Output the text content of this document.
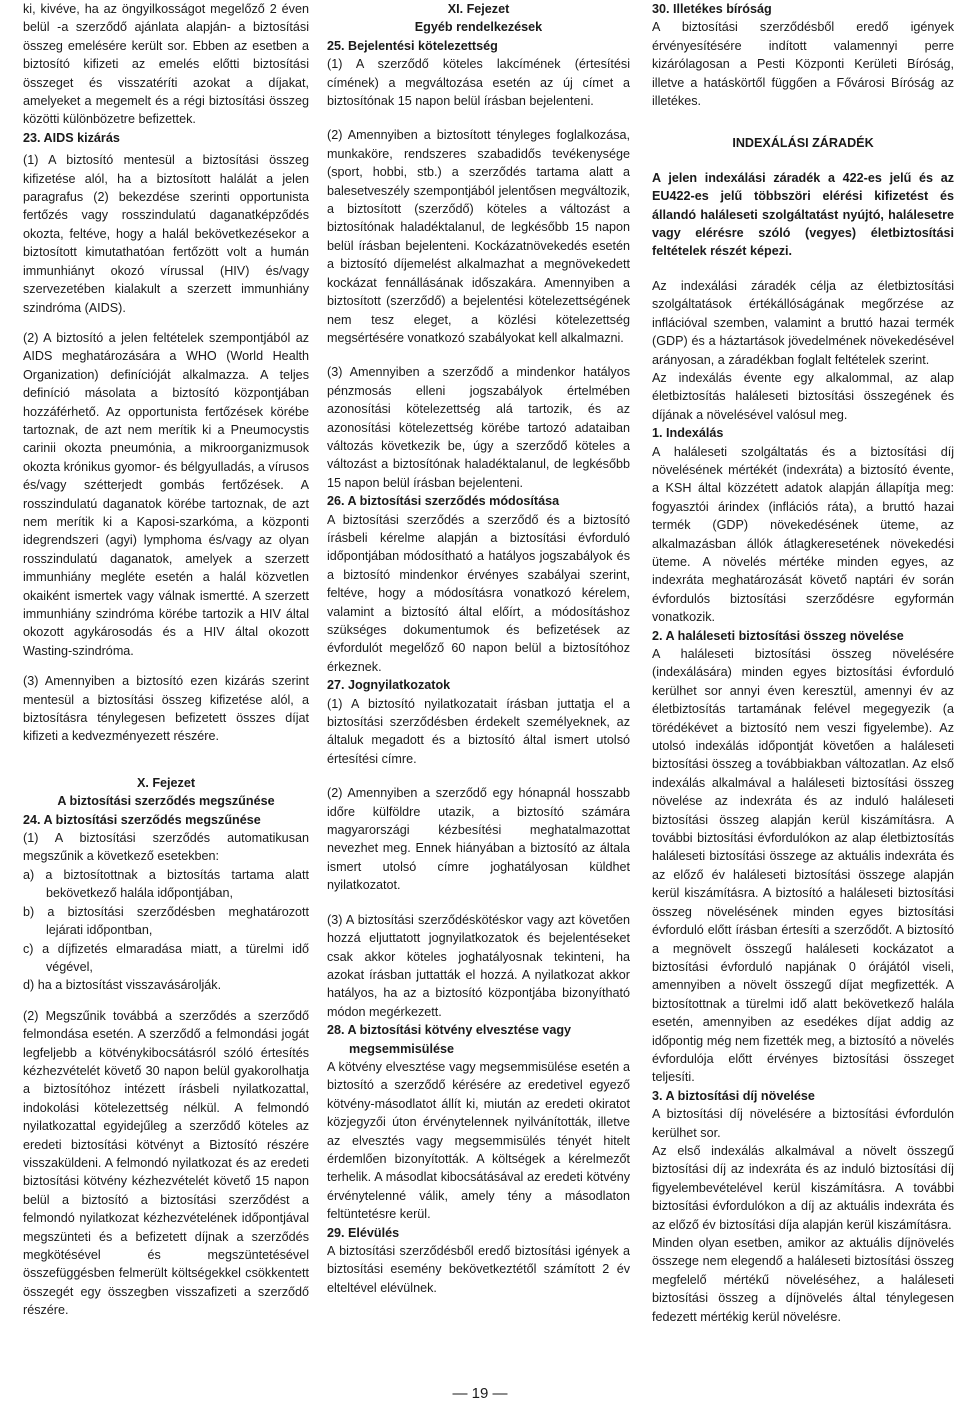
ki, kivéve, ha az öngyilkosságot megelőző 2 éven belül -a szerződő ajánlata alapján- a biztosítási összeg emelésére került sor. Ebben az esetben a biztosító kifizeti az emelés előtti biztosítási összeget és visszatéríti azokat a díjakat, amelyeket a megemelt és a régi biztosítási összeg közötti különbözetre befizettek.

23. AIDS kizárás

(1) A biztosító mentesül a biztosítási összeg kifizetése alól, ha a biztosított halálát a jelen paragrafus (2) bekezdése szerinti opportunista fertőzés vagy rosszindulatú daganatképződés okozta, feltéve, hogy a halál bekövetkezésekor a biztosított kimutathatóan fertőzött volt a humán immunhiányt okozó vírussal (HIV) és/vagy szervezetében kialakult a szerzett immunhiány szindróma (AIDS).

(2) A biztosító a jelen feltételek szempontjából az AIDS meghatározására a WHO (World Health Organization) definícióját alkalmazza. A teljes definíció másolata a biztosító központjában hozzáférhető. Az opportunista fertőzések körébe tartoznak, de azt nem merítik ki a Pneumocystis carinii okozta pneumónia, a mikroorganizmusok okozta krónikus gyomor- és bélgyulladás, a vírusos és/vagy szétterjedt gombás fertőzések. A rosszindulatú daganatok körébe tartoznak, de azt nem merítik ki a Kaposi-szarkóma, a központi idegrendszeri (agyi) lymphoma és/vagy az olyan rosszindulatú daganatok, amelyek a szerzett immunhiány megléte esetén a halál közvetlen okaiként ismertek vagy válnak ismertté. A szerzett immunhiány szindróma körébe tartozik a HIV által okozott agykárosodás és a HIV által okozott Wasting-szindróma.

(3) Amennyiben a biztosító ezen kizárás szerint mentesül a biztosítási összeg kifizetése alól, a biztosításra ténylegesen befizetett összes díjat kifizeti a kedvezményezett részére.

X. Fejezet

A biztosítási szerződés megszűnése

24. A biztosítási szerződés megszűnése

(1) A biztosítási szerződés automatikusan megszűnik a következő esetekben:

a) a biztosítottnak a biztosítás tartama alatt bekövetkező halála időpontjában,

b) a biztosítási szerződésben meghatározott lejárati időpontban,

c) a díjfizetés elmaradása miatt, a türelmi idő végével,

d) ha a biztosítást visszavásárolják.

(2) Megszűnik továbbá a szerződés a szerződő felmondása esetén. A szerződő a felmondási jogát legfeljebb a kötvénykibocsátásról szóló értesítés kézhezvételét követő 30 napon belül gyakorolhatja a biztosítóhoz intézett írásbeli nyilatkozattal, indokolási kötelezettség nélkül. A felmondó nyilatkozattal egyidejűleg a szerződő köteles az eredeti biztosítási kötvényt a Biztosító részére visszaküldeni. A felmondó nyilatkozat és az eredeti biztosítási kötvény kézhezvételét követő 15 napon belül a biztosító a biztosítási szerződést a felmondó nyilatkozat kézhezvételének időpontjával megszünteti és a befizetett díjnak a szerződés megkötésével és megszüntetésével összefüggésben felmerült költségekkel csökkentett összegét egy összegben visszafizeti a szerződő részére.

XI. Fejezet

Egyéb rendelkezések

25. Bejelentési kötelezettség

(1) A szerződő köteles lakcímének (értesítési címének) a megváltozása esetén az új címet a biztosítónak 15 napon belül írásban bejelenteni.

(2) Amennyiben a biztosított tényleges foglalkozása, munkaköre, rendszeres szabadidős tevékenysége (sport, hobbi, stb.) a szerződés tartama alatt a balesetveszély szempontjából jelentősen megváltozik, a biztosított (szerződő) köteles a változást a biztosítónak haladéktalanul, de legkésőbb 15 napon belül írásban bejelenteni. Kockázatnövekedés esetén a biztosító díjemelést alkalmazhat a megnövekedett kockázat fennállásának időszakára. Amennyiben a biztosított (szerződő) a bejelentési kötelezettségének nem tesz eleget, a közlési kötelezettség megsértésére vonatkozó szabályokat kell alkalmazni.

(3) Amennyiben a szerződő a mindenkor hatályos pénzmosás elleni jogszabályok értelmében azonosítási kötelezettség alá tartozik, és az azonosítási kötelezettség körébe tartozó adataiban változás következik be, úgy a szerződő köteles a változást a biztosítónak haladéktalanul, de legkésőbb 15 napon belül írásban bejelenteni.

26. A biztosítási szerződés módosítása

A biztosítási szerződés a szerződő és a biztosító írásbeli kérelme alapján a biztosítási évforduló időpontjában módosítható a hatályos jogszabályok és a biztosító mindenkor érvényes szabályai szerint, feltéve, hogy a módosításra vonatkozó kérelem, valamint a biztosító által előírt, a módosításhoz szükséges dokumentumok és befizetések az évfordulót megelőző 60 napon belül a biztosítóhoz érkeznek.

27. Jognyilatkozatok

(1) A biztosító nyilatkozatait írásban juttatja el a biztosítási szerződésben érdekelt személyeknek, az általuk megadott és a biztosító által ismert utolsó értesítési címre.

(2) Amennyiben a szerződő egy hónapnál hosszabb időre külföldre utazik, a biztosító számára magyarországi kézbesítési meghatalmazottat nevezhet meg. Ennek hiányában a biztosító az általa ismert utolsó címre joghatályosan küldhet nyilatkozatot.

(3) A biztosítási szerződéskötéskor vagy azt követően hozzá eljuttatott jognyilatkozatok és bejelentéseket csak akkor köteles joghatályosnak tekinteni, ha azokat írásban juttatták el hozzá. A nyilatkozat akkor hatályos, ha az a biztosító központjába bizonyítható módon megérkezett.

28. A biztosítási kötvény elvesztése vagy

megsemmisülése

A kötvény elvesztése vagy megsemmisülése esetén a biztosító a szerződő kérésére az eredetivel egyező kötvény-másodlatot állít ki, miután az eredeti okiratot közjegyzői úton érvénytelennek nyilvánították, illetve az elvesztés vagy megsemmisülés tényét hitelt érdemlően bizonyították. A költségek a kérelmezőt terhelik. A másodlat kibocsátásával az eredeti kötvény érvénytelenné válik, amely tény a másodlaton feltüntetésre kerül.

29. Elévülés

A biztosítási szerződésből eredő biztosítási igények a biztosítási esemény bekövetkeztétől számított 2 év elteltével elévülnek.

30. Illetékes bíróság

A biztosítási szerződésből eredő igények érvényesítésére indított valamennyi perre kizárólagosan a Pesti Központi Kerületi Bíróság, illetve a hatáskörtől függően a Fővárosi Bíróság az illetékes.

INDEXÁLÁSI ZÁRADÉK

A jelen indexálási záradék a 422-es jelű és az EU422-es jelű többszöri elérési kifizetést és állandó haláleseti szolgáltatást nyújtó, halálesetre vagy elérésre szóló (vegyes) életbiztosítási feltételek részét képezi.

Az indexálási záradék célja az életbiztosítási szolgáltatások értékállóságának megőrzése az inflációval szemben, valamint a bruttó hazai termék (GDP) és a háztartások jövedelmének növekedésével arányosan, a záradékban foglalt feltételek szerint.

Az indexálás évente egy alkalommal, az alap életbiztosítás haláleseti biztosítási összegének és díjának a növelésével valósul meg.

1. Indexálás

A haláleseti szolgáltatás és a biztosítási díj növelésének mértékét (indexráta) a biztosító évente, a KSH által közzétett adatok alapján állapítja meg: fogyasztói árindex (inflációs ráta), a bruttó hazai termék (GDP) növekedésének üteme, az alkalmazásban állók átlagkeresetének növekedési üteme. A növelés mértéke minden egyes, az indexráta meghatározását követő naptári év során évfordulós biztosítási szerződésre egyformán vonatkozik.

2. A haláleseti biztosítási összeg növelése

A haláleseti biztosítási összeg növelésére (indexálására) minden egyes biztosítási évforduló kerülhet sor annyi éven keresztül, amennyi év az életbiztosítás tartamának felével megegyezik (a törédékévet a biztosító nem veszi figyelembe). Az utolsó indexálás időpontját követően a haláleseti biztosítási összeg a továbbiakban változatlan. Az első indexálás alkalmával a haláleseti biztosítási összeg növelése az indexráta és az induló haláleseti biztosítási összeg alapján kerül kiszámításra. A további biztosítási évfordulókon az alap életbiztosítás haláleseti biztosítási összege az aktuális indexráta és az előző év haláleseti biztosítási összege alapján kerül kiszámításra. A biztosító a haláleseti biztosítási összeg növelésének minden egyes biztosítási évforduló előtt írásban értesíti a szerződőt. A biztosító a megnövelt összegű haláleseti kockázatot a biztosítási évforduló napjának 0 órájától viseli, amennyiben a növelt összegű díjat megfizették. A biztosítottnak a türelmi idő alatt bekövetkező halála esetén, amennyiben az esedékes díjat addig az időpontig még nem fizették meg, a biztosító a növelés évfordulója előtt érvényes biztosítási összeget teljesíti.

3. A biztosítási díj növelése

A biztosítási díj növelésére a biztosítási évfordulón kerülhet sor.

Az első indexálás alkalmával a növelt összegű biztosítási díj az indexráta és az induló biztosítási díj figyelembevételével kerül kiszámításra. A további biztosítási évfordulókon a díj az aktuális indexráta és az előző év biztosítási díja alapján kerül kiszámításra.

Minden olyan esetben, amikor az aktuális díjnövelés összege nem elegendő a haláleseti biztosítási összeg megfelelő mértékű növeléséhez, a haláleseti biztosítási összeg a díjnövelés által ténylegesen fedezett mértékig kerül növelésre.

— 19 —
